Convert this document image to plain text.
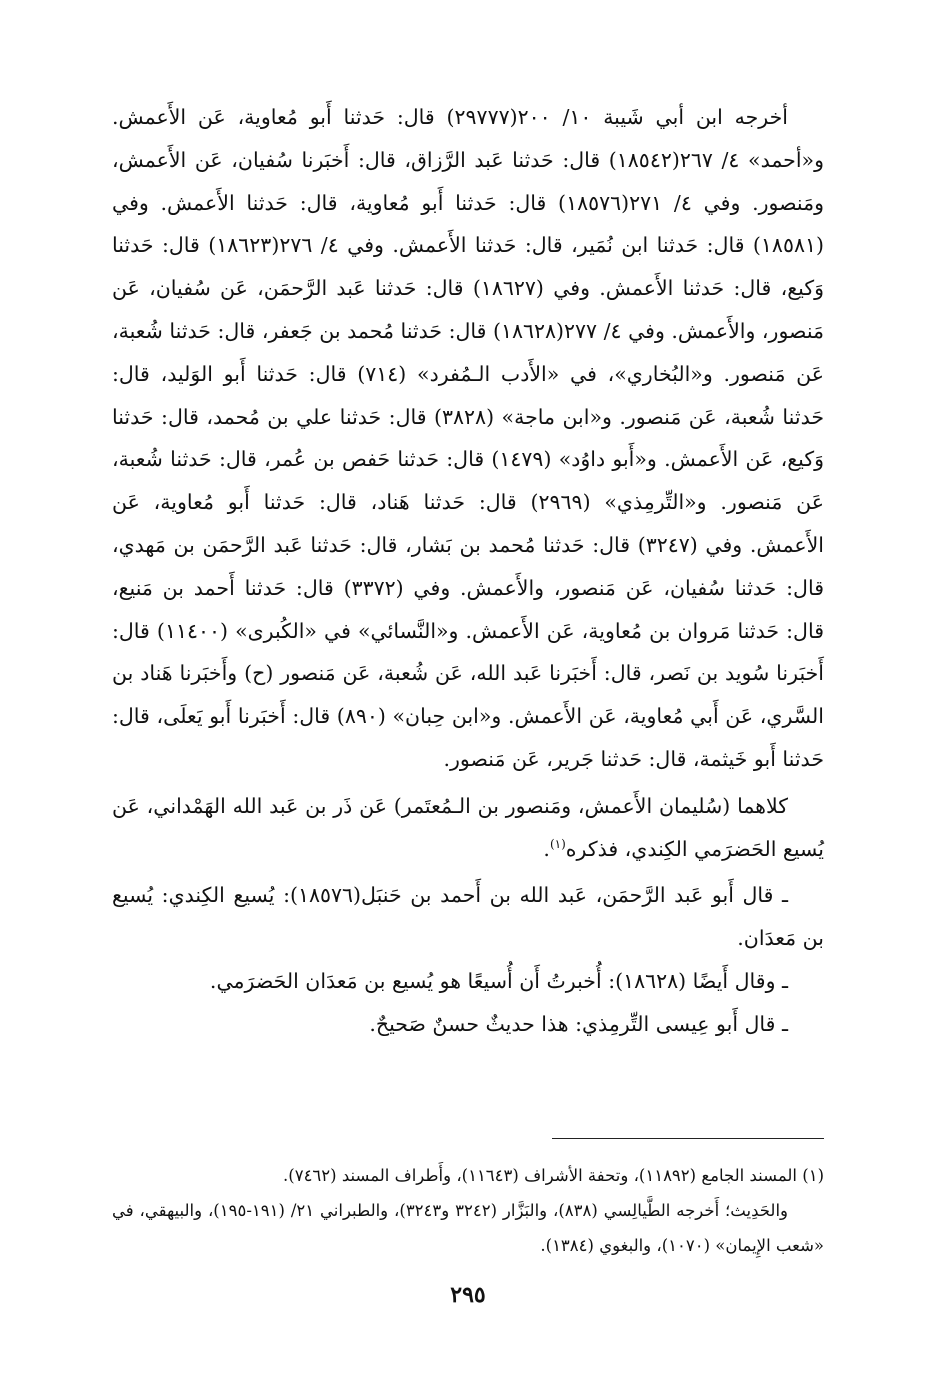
أخرجه ابن أبي شَيبة ١٠/ ٢٠٠(٢٩٧٧٧) قال: حَدثنا أَبو مُعاوية، عَن الأَعمش. و«أحمد» ٤/ ٢٦٧(١٨٥٤٢) قال: حَدثنا عَبد الرَّزاق، قال: أَخبَرنا سُفيان، عَن الأَعمش، ومَنصور. وفي ٤/ ٢٧١(١٨٥٧٦) قال: حَدثنا أَبو مُعاوية، قال: حَدثنا الأَعمش. وفي (١٨٥٨١) قال: حَدثنا ابن نُمَير، قال: حَدثنا الأَعمش. وفي ٤/ ٢٧٦(١٨٦٢٣) قال: حَدثنا وَكيع، قال: حَدثنا الأَعمش. وفي (١٨٦٢٧) قال: حَدثنا عَبد الرَّحمَن، عَن سُفيان، عَن مَنصور، والأَعمش. وفي ٤/ ٢٧٧(١٨٦٢٨) قال: حَدثنا مُحمد بن جَعفر، قال: حَدثنا شُعبة، عَن مَنصور. و«البُخاري»، في «الأَدب الـمُفرد» (٧١٤) قال: حَدثنا أَبو الوَليد، قال: حَدثنا شُعبة، عَن مَنصور. و«ابن ماجة» (٣٨٢٨) قال: حَدثنا علي بن مُحمد، قال: حَدثنا وَكيع، عَن الأَعمش. و«أَبو داوُد» (١٤٧٩) قال: حَدثنا حَفص بن عُمر، قال: حَدثنا شُعبة، عَن مَنصور. و«التِّرمِذي» (٢٩٦٩) قال: حَدثنا هَناد، قال: حَدثنا أَبو مُعاوية، عَن الأَعمش. وفي (٣٢٤٧) قال: حَدثنا مُحمد بن بَشار، قال: حَدثنا عَبد الرَّحمَن بن مَهدي، قال: حَدثنا سُفيان، عَن مَنصور، والأَعمش. وفي (٣٣٧٢) قال: حَدثنا أَحمد بن مَنيع، قال: حَدثنا مَروان بن مُعاوية، عَن الأَعمش. و«النَّسائي» في «الكُبرى» (١١٤٠٠) قال: أَخبَرنا سُويد بن نَصر، قال: أَخبَرنا عَبد الله، عَن شُعبة، عَن مَنصور (ح) وأَخبَرنا هَناد بن السَّري، عَن أَبي مُعاوية، عَن الأَعمش. و«ابن حِبان» (٨٩٠) قال: أَخبَرنا أَبو يَعلَى، قال: حَدثنا أَبو خَيثمة، قال: حَدثنا جَرير، عَن مَنصور.

كلاهما (سُليمان الأَعمش، ومَنصور بن الـمُعتَمر) عَن ذَر بن عَبد الله الهَمْداني، عَن يُسيع الحَضرَمي الكِندي، فذكره$^{(١)}$.

ـ قال أَبو عَبد الرَّحمَن، عَبد الله بن أَحمد بن حَنبَل(١٨٥٧٦): يُسيع الكِندي: يُسيع بن مَعدَان.

ـ وقال أَيضًا (١٨٦٢٨): أُخبرتُ أَن أُسيعًا هو يُسيع بن مَعدَان الحَضرَمي.

ـ قال أَبو عِيسى التِّرمِذي: هذا حديثٌ حسنٌ صَحيحٌ.

(١) المسند الجامع (١١٨٩٢)، وتحفة الأشراف (١١٦٤٣)، وأَطراف المسند (٧٤٦٢).

والحَدِيث؛ أَخرجه الطَّيالِسي (٨٣٨)، والبَزَّار (٣٢٤٢ و٣٢٤٣)، والطبراني ٢١/ (١٩١-١٩٥)، والبيهقي، في «شعب الإِيمان» (١٠٧٠)، والبغوي (١٣٨٤).

٢٩٥
